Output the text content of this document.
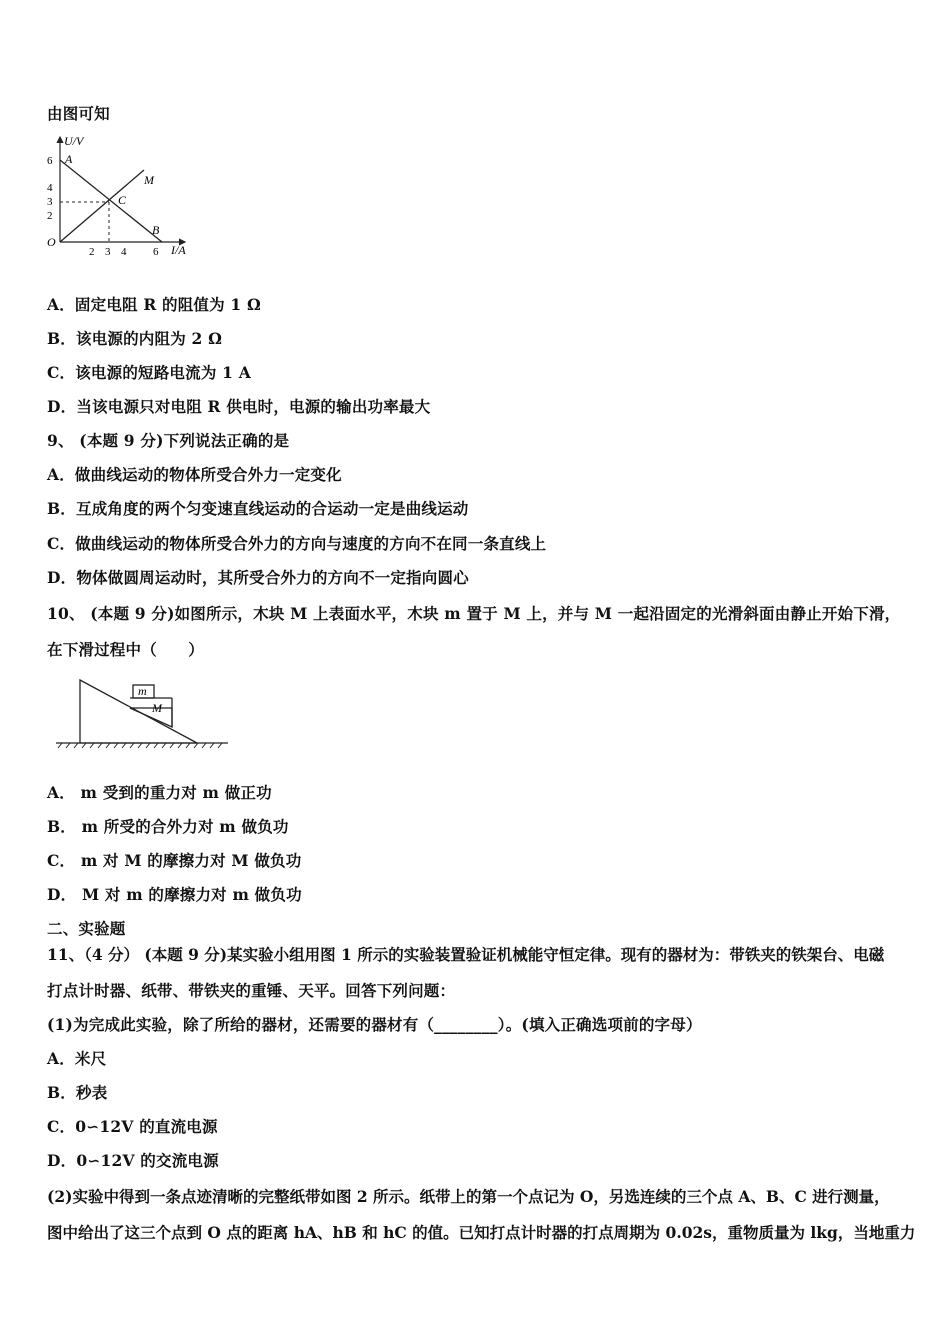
由图可知
U/V
I/A
O
6
4
3
2
2 3 4 6
A
B
C
M
A．固定电阻 R 的阻值为 1 Ω
B．该电源的内阻为 2 Ω
C．该电源的短路电流为 1 A
D．当该电源只对电阻 R 供电时，电源的输出功率最大
9、 (本题 9 分)下列说法正确的是
A．做曲线运动的物体所受合外力一定变化
B．互成角度的两个匀变速直线运动的合运动一定是曲线运动
C．做曲线运动的物体所受合外力的方向与速度的方向不在同一条直线上
D．物体做圆周运动时，其所受合外力的方向不一定指向圆心
10、 (本题 9 分)如图所示，木块 M 上表面水平，木块 m 置于 M 上，并与 M 一起沿固定的光滑斜面由静止开始下滑，
在下滑过程中（　　）
m
M
A． m 受到的重力对 m 做正功
B． m 所受的合外力对 m 做负功
C． m 对 M 的摩擦力对 M 做负功
D． M 对 m 的摩擦力对 m 做负功
二、实验题
11、（4 分） (本题 9 分)某实验小组用图 1 所示的实验装置验证机械能守恒定律。现有的器材为：带铁夹的铁架台、电磁
打点计时器、纸带、带铁夹的重锤、天平。回答下列问题：
(1)为完成此实验，除了所给的器材，还需要的器材有（________）。(填入正确选项前的字母）
A．米尺
B．秒表
C．0∽12V 的直流电源
D．0∽12V 的交流电源
(2)实验中得到一条点迹清晰的完整纸带如图 2 所示。纸带上的第一个点记为 O，另选连续的三个点 A、B、C 进行测量，
图中给出了这三个点到 O 点的距离 hA、hB 和 hC 的值。已知打点计时器的打点周期为 0.02s，重物质量为 lkg，当地重力
